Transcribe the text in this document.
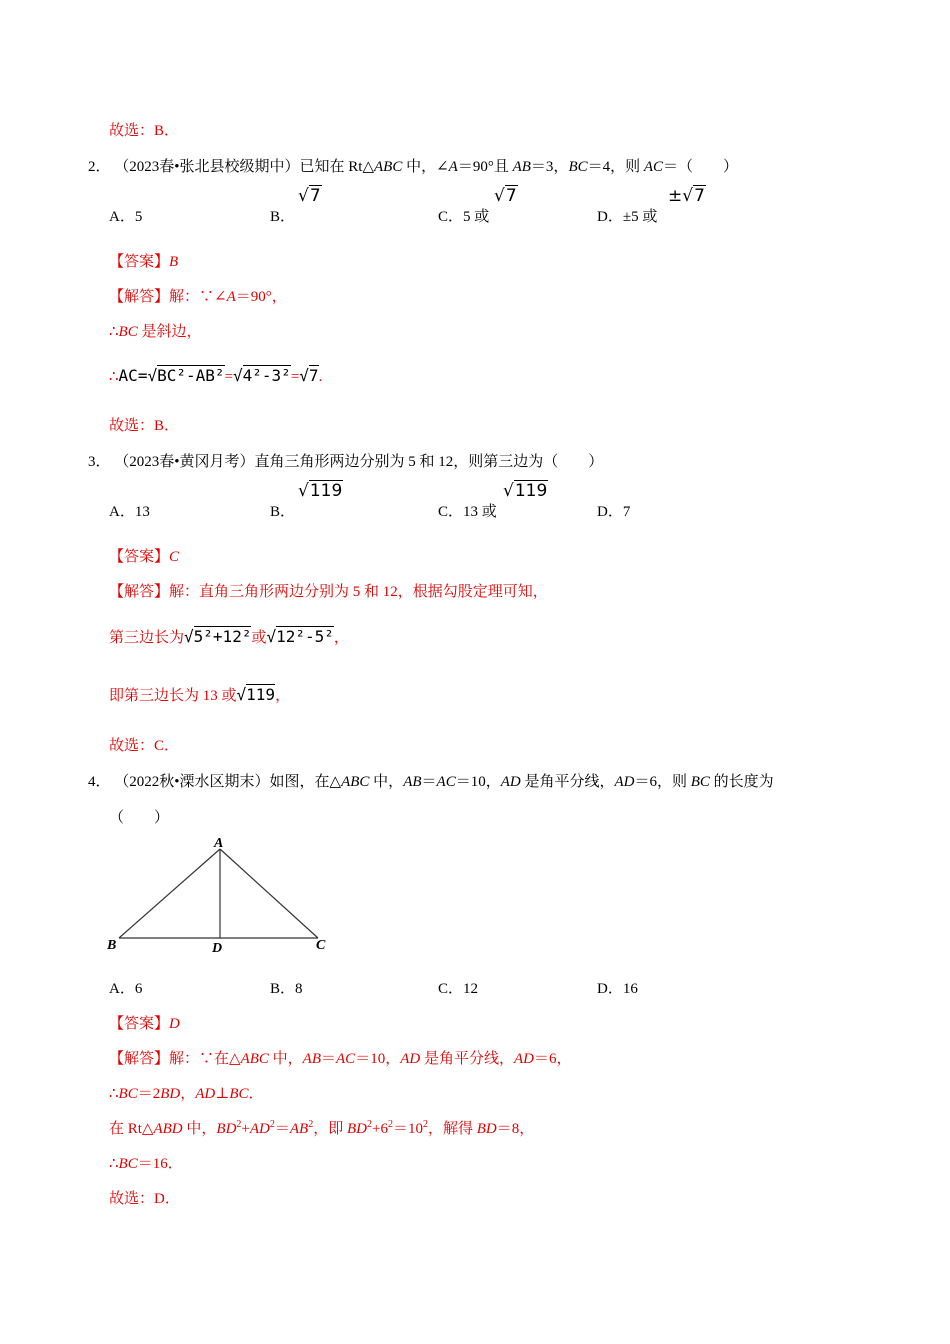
故选：B．
2． （2023春•张北县校级期中）已知在 Rt△ABC 中，∠A＝90°且 AB＝3，BC＝4，则 AC＝（　　）
A．5	B．
√7
C．5 或
√7
D．±5 或
±√7
【答案】B
【解答】解：∵∠A＝90°，
∴BC 是斜边，
∴AC=√BC²-AB²=√4²-3²=√7.
故选：B．
3． （2023春•黄冈月考）直角三角形两边分别为 5 和 12，则第三边为（　　）
A．13	B．
√119
C．13 或
√119
D．7
【答案】C
【解答】解：直角三角形两边分别为 5 和 12，根据勾股定理可知，
第三边长为√5²+12²或√12²-5²，
即第三边长为 13 或√119，
故选：C．
4． （2022秋•溧水区期末）如图，在△ABC 中，AB＝AC＝10，AD 是角平分线，AD＝6，则 BC 的长度为
（　　）
A
B	D	C
A．6	B．8	C．12	D．16
【答案】D
【解答】解：∵在△ABC 中，AB＝AC＝10，AD 是角平分线，AD＝6，
∴BC＝2BD，AD⊥BC．
在 Rt△ABD 中，$BD^2+AD^2=AB^2$，即 $BD^2+6^2=10^2$，解得 BD＝8，
∴BC＝16．
故选：D．
